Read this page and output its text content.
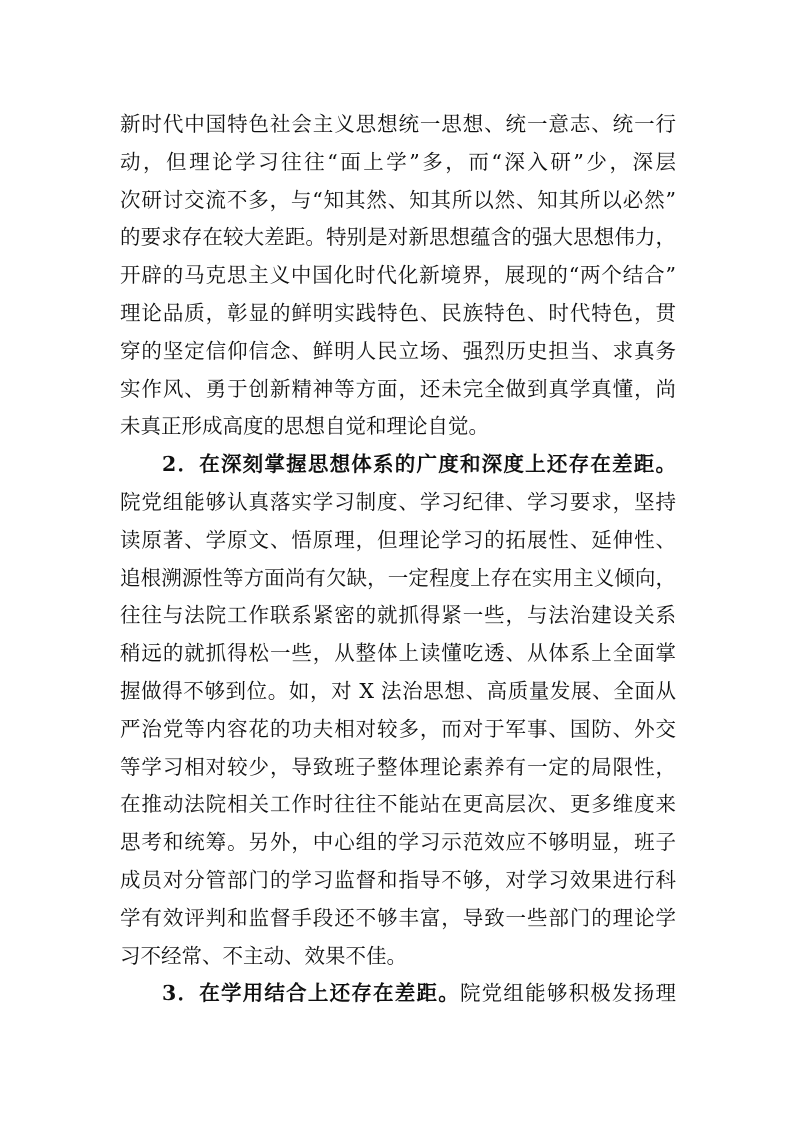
新时代中国特色社会主义思想统一思想、统一意志、统一行
动，但理论学习往往“面上学”多，而“深入研”少，深层
次研讨交流不多，与“知其然、知其所以然、知其所以必然”
的要求存在较大差距。特别是对新思想蕴含的强大思想伟力，
开辟的马克思主义中国化时代化新境界，展现的“两个结合”
理论品质，彰显的鲜明实践特色、民族特色、时代特色，贯
穿的坚定信仰信念、鲜明人民立场、强烈历史担当、求真务
实作风、勇于创新精神等方面，还未完全做到真学真懂，尚
未真正形成高度的思想自觉和理论自觉。
2．在深刻掌握思想体系的广度和深度上还存在差距。
院党组能够认真落实学习制度、学习纪律、学习要求，坚持
读原著、学原文、悟原理，但理论学习的拓展性、延伸性、
追根溯源性等方面尚有欠缺，一定程度上存在实用主义倾向，
往往与法院工作联系紧密的就抓得紧一些，与法治建设关系
稍远的就抓得松一些，从整体上读懂吃透、从体系上全面掌
握做得不够到位。如，对 X 法治思想、高质量发展、全面从
严治党等内容花的功夫相对较多，而对于军事、国防、外交
等学习相对较少，导致班子整体理论素养有一定的局限性，
在推动法院相关工作时往往不能站在更高层次、更多维度来
思考和统筹。另外，中心组的学习示范效应不够明显，班子
成员对分管部门的学习监督和指导不够，对学习效果进行科
学有效评判和监督手段还不够丰富，导致一些部门的理论学
习不经常、不主动、效果不佳。
3．在学用结合上还存在差距。院党组能够积极发扬理
